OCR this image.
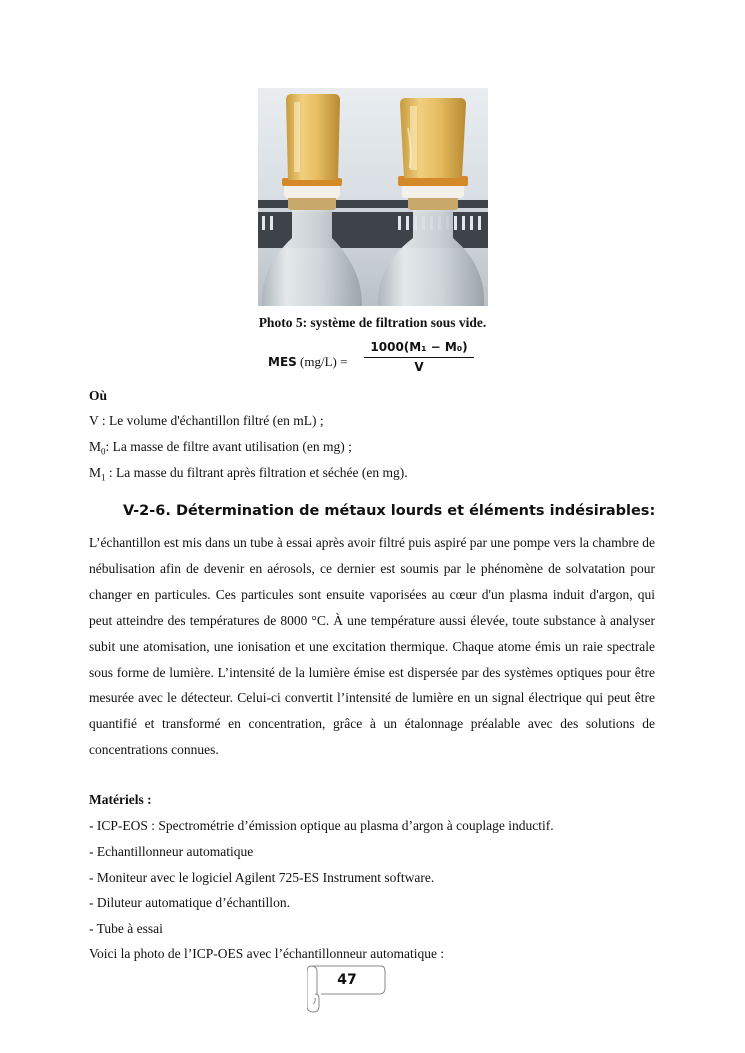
Photo 5: système de filtration sous vide.
MES $(mg/L) = \frac{\text{1000(M₁ − M₀)}}{V}$
Où
V : Le volume d'échantillon filtré (en mL) ;
$M_0$: La masse de filtre avant utilisation (en mg) ;
$M_1$ : La masse du filtrant après filtration et séchée (en mg).
V-2-6. Détermination de métaux lourds et éléments indésirables:
L’échantillon est mis dans un tube à essai après avoir filtré puis aspiré par une pompe vers la chambre de nébulisation afin de devenir en aérosols, ce dernier est soumis par le phénomène de solvatation pour changer en particules. Ces particules sont ensuite vaporisées au cœur d'un plasma induit d'argon, qui peut atteindre des températures de 8000 °C. À une température aussi élevée, toute substance à analyser subit une atomisation, une ionisation et une excitation thermique. Chaque atome émis un raie spectrale sous forme de lumière. L’intensité de la lumière émise est dispersée par des systèmes optiques pour être mesurée avec le détecteur. Celui-ci convertit l’intensité de lumière en un signal électrique qui peut être quantifié et transformé en concentration, grâce à un étalonnage préalable avec des solutions de concentrations connues.
Matériels :
- ICP-EOS : Spectrométrie d’émission optique au plasma d’argon à couplage inductif.
- Echantillonneur automatique
- Moniteur avec le logiciel Agilent 725-ES Instrument software.
- Diluteur automatique d’échantillon.
- Tube à essai
Voici la photo de l’ICP-OES avec l’échantillonneur automatique :
47
